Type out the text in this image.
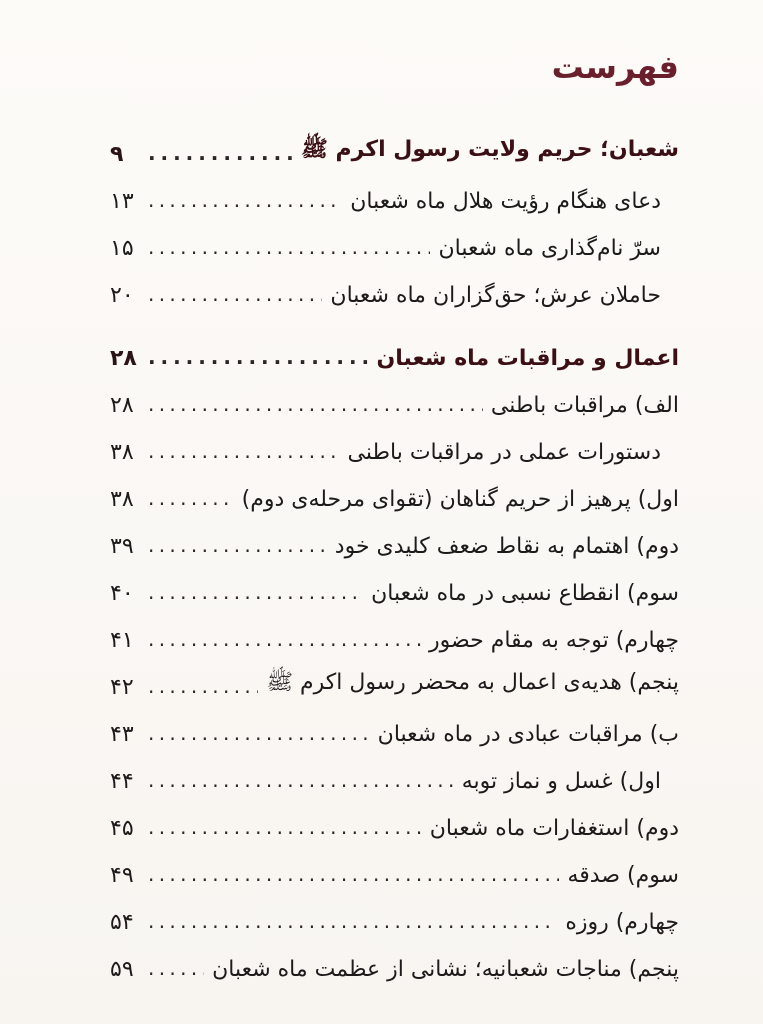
فهرست
شعبان؛ حریم ولایت رسول اکرم ﷺ
. . .
۹
دعای هنگام رؤیت هلال ماه شعبان
. . .
۱۳
سرّ نام‌گذاری ماه شعبان
. . .
۱۵
حاملان عرش؛ حق‌گزاران ماه شعبان
. . .
۲۰
اعمال و مراقبات ماه شعبان
. . .
۲۸
الف) مراقبات باطنی
. . .
۲۸
دستورات عملی در مراقبات باطنی
. . .
۳۸
اول) پرهیز از حریم گناهان (تقوای مرحله‌ی دوم)
. . .
۳۸
دوم) اهتمام به نقاط ضعف کلیدی خود
. . .
۳۹
سوم) انقطاع نسبی در ماه شعبان
. . .
۴۰
چهارم) توجه به مقام حضور
. . .
۴۱
پنجم) هدیه‌ی اعمال به محضر رسول اکرم ﷺ
. . .
۴۲
ب) مراقبات عبادی در ماه شعبان
. . .
۴۳
اول) غسل و نماز توبه
. . .
۴۴
دوم) استغفارات ماه شعبان
. . .
۴۵
سوم) صدقه
. . .
۴۹
چهارم) روزه
. . .
۵۴
پنجم) مناجات شعبانیه؛ نشانی از عظمت ماه شعبان
. . .
۵۹
